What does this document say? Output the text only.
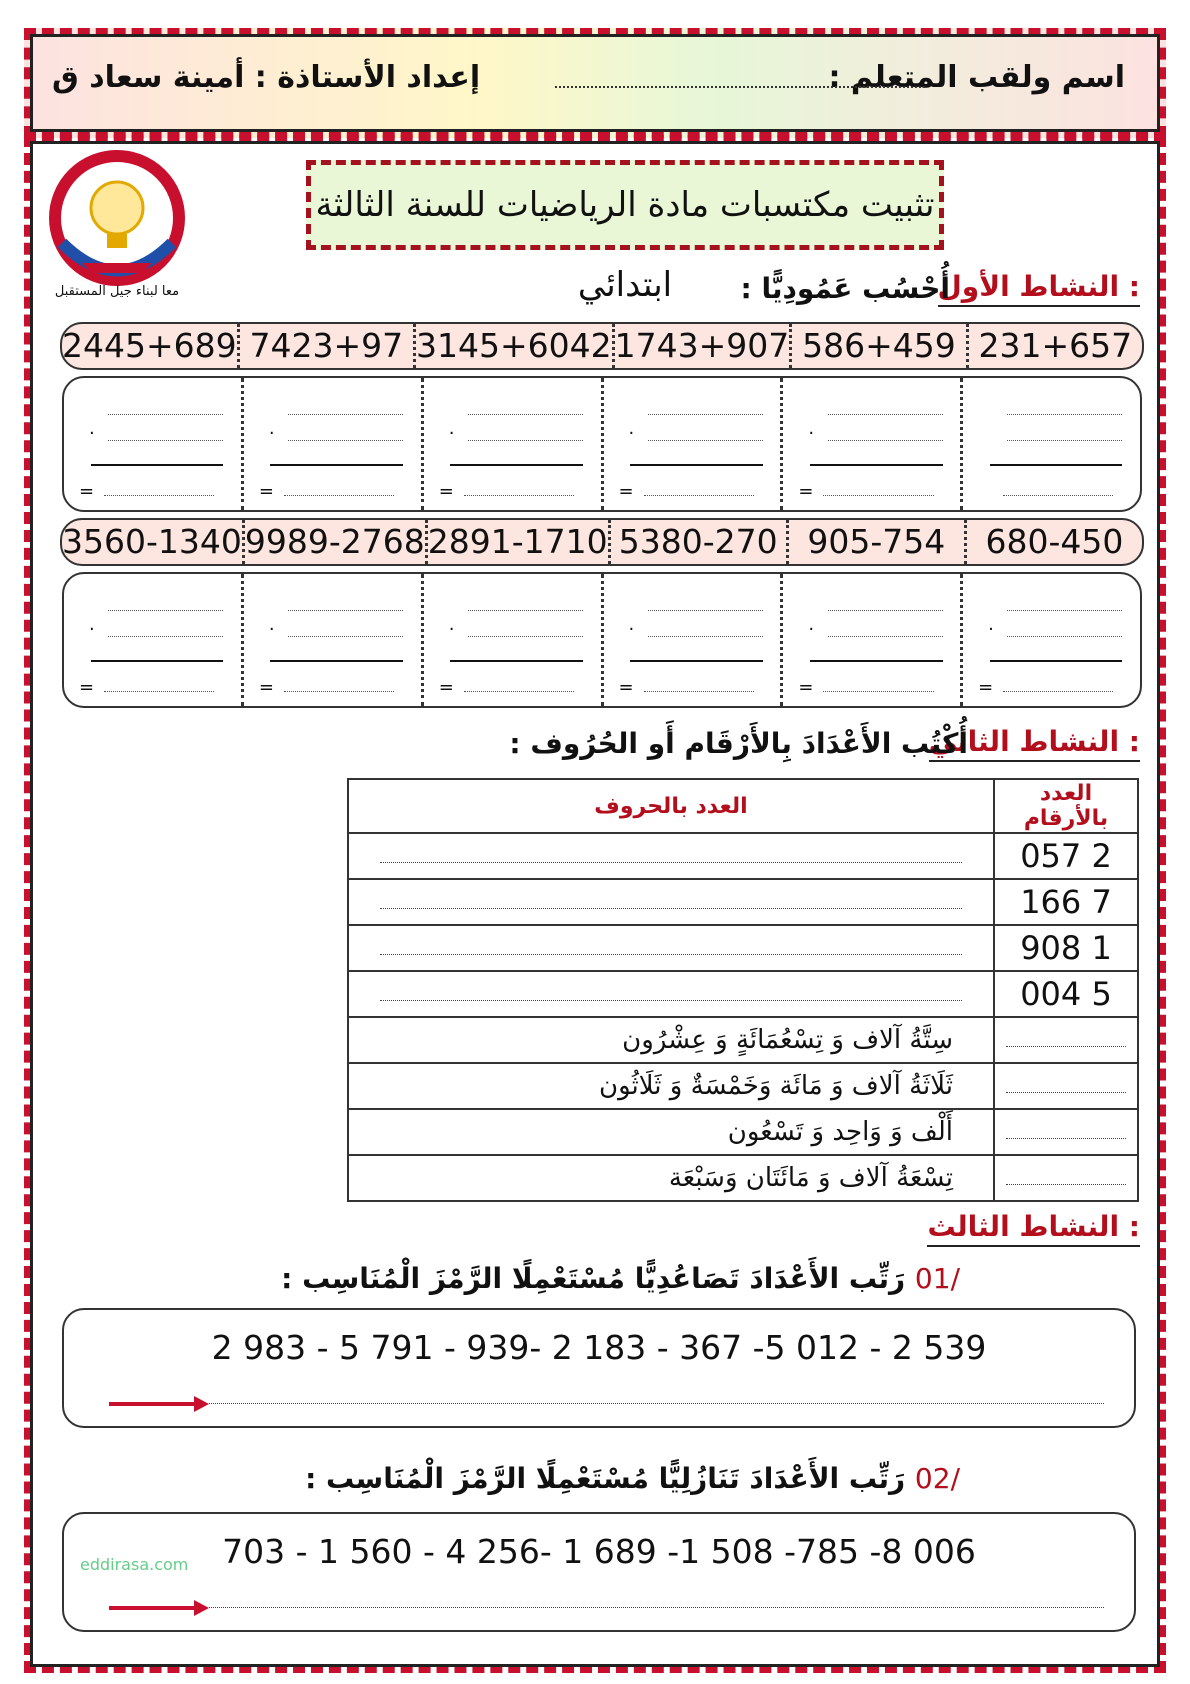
اسم ولقب المتعلم :
إعداد الأستاذة : أمينة سعاد ق
معا لبناء جيل المستقبل
تثبيت مكتسبات مادة الرياضيات للسنة الثالثة ابتدائي	النشاط الأول :
أُحْسُب عَمُودِيًّا :
231+657
586+459
1743+907
3145+6042
7423+97
2445+689
.
=
.
=
.
=
.
=
.
=
680-450
905-754
5380-270
2891-1710
9989-2768
3560-1340
.
=
.
=
.
=
.
=
.
=
.
=
النشاط الثاني :
أُكْتُب الأَعْدَادَ بِالأَرْقَام أَو الحُرُوف :
العدد بالأرقام	العدد بالحروف
2 057	

7 166	

1 908	

5 004	

	سِتَّةُ آلاف وَ تِسْعُمَائَةٍ وَ عِشْرُون

	ثَلَاثَةُ آلاف وَ مَائَة وَخَمْسَةٌ وَ ثَلَاثُون

	أَلْف وَ وَاحِد وَ تَسْعُون

	تِسْعَةُ آلاف وَ مَائَتَان وَسَبْعَة
النشاط الثالث :
/01 رَتِّب الأَعْدَادَ تَصَاعُدِيًّا مُسْتَعْمِلًا الرَّمْزَ الْمُنَاسِب :
2 983 - 5 791 - 939- 2 183 - 367 -5 012 - 2 539
/02 رَتِّب الأَعْدَادَ تَنَازُلِيًّا مُسْتَعْمِلًا الرَّمْزَ الْمُنَاسِب :
703 - 1 560 - 4 256- 1 689 -1 508 -785 -8 006
eddirasa.com
